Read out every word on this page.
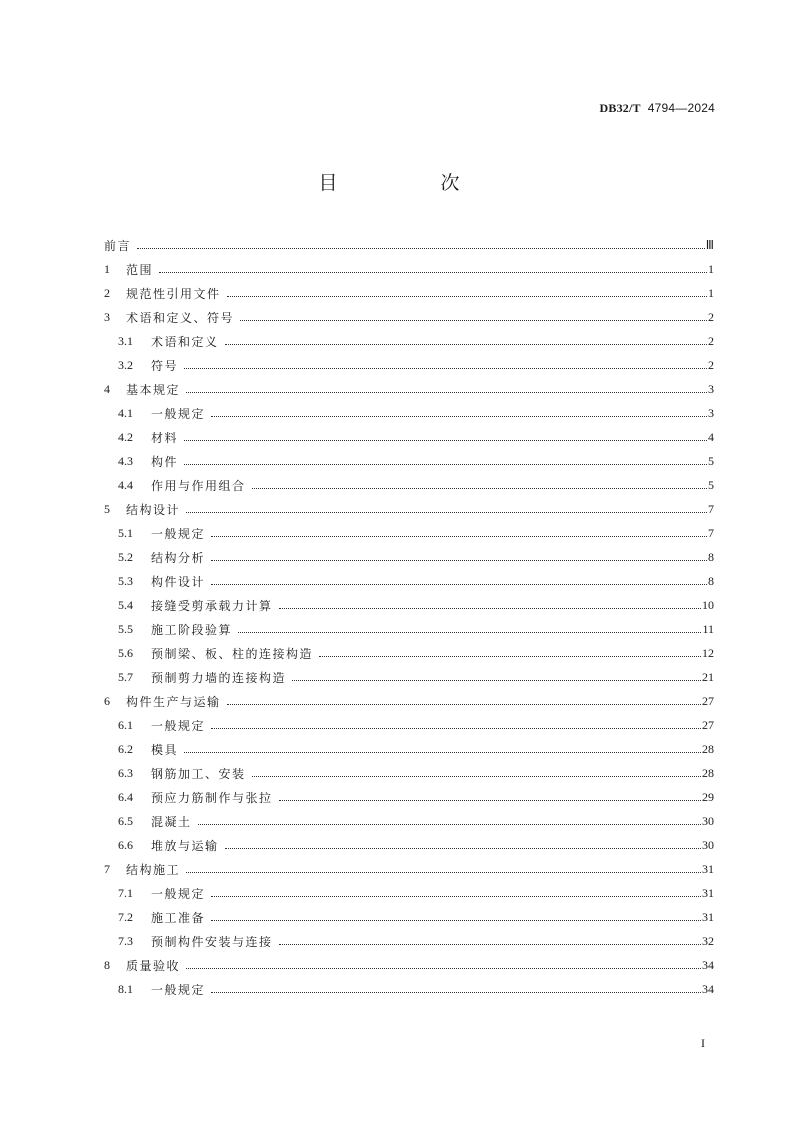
DB32/T 4794—2024
目　次
前言	Ⅲ
1	范围	1
2	规范性引用文件	1
3	术语和定义、符号	2
3.1	术语和定义	2
3.2	符号	2
4	基本规定	3
4.1	一般规定	3
4.2	材料	4
4.3	构件	5
4.4	作用与作用组合	5
5	结构设计	7
5.1	一般规定	7
5.2	结构分析	8
5.3	构件设计	8
5.4	接缝受剪承载力计算	10
5.5	施工阶段验算	11
5.6	预制梁、板、柱的连接构造	12
5.7	预制剪力墙的连接构造	21
6	构件生产与运输	27
6.1	一般规定	27
6.2	模具	28
6.3	钢筋加工、安装	28
6.4	预应力筋制作与张拉	29
6.5	混凝土	30
6.6	堆放与运输	30
7	结构施工	31
7.1	一般规定	31
7.2	施工准备	31
7.3	预制构件安装与连接	32
8	质量验收	34
8.1	一般规定	34
I
